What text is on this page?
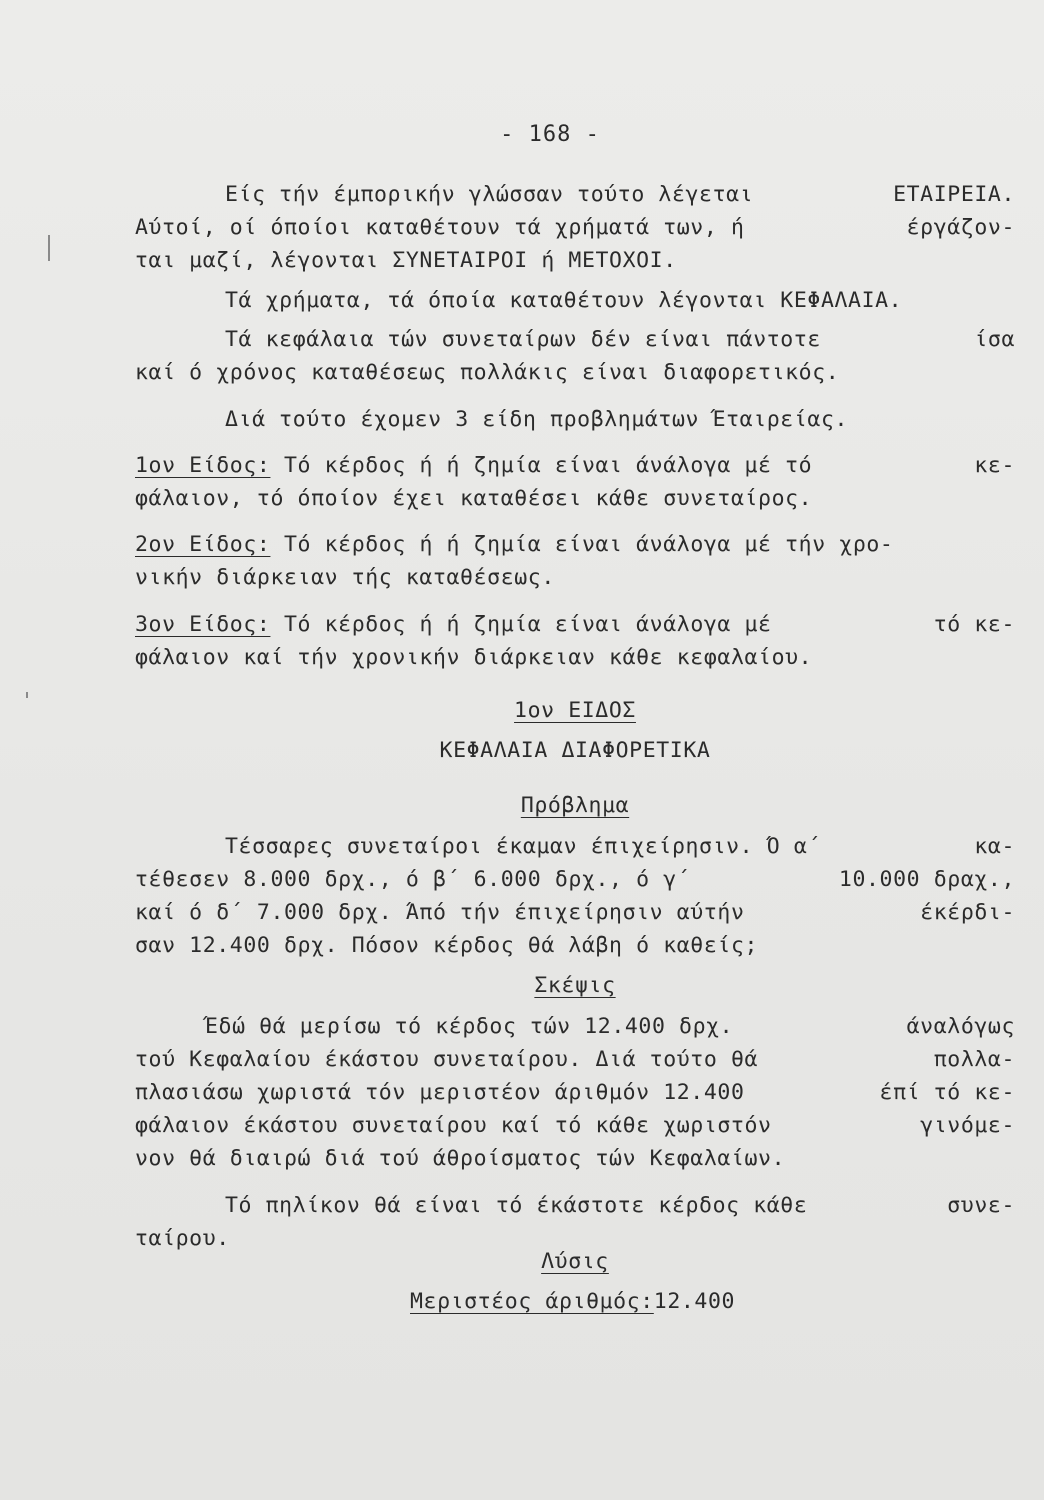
- 168 -
Είς τήν έμπορικήν γλώσσαν τούτο λέγεται	ΕΤΑΙΡΕΙΑ.
Αύτοί, οί όποίοι καταθέτουν τά χρήματά των, ή	έργάζον-
ται μαζί, λέγονται ΣΥΝΕΤΑΙΡΟΙ ή ΜΕΤΟΧΟΙ.
Τά χρήματα, τά όποία καταθέτουν λέγονται ΚΕΦΑΛΑΙΑ.
Τά κεφάλαια τών συνεταίρων δέν είναι πάντοτε	ίσα
καί ό χρόνος καταθέσεως πολλάκις είναι διαφορετικός.
Διά τούτο έχομεν 3 είδη προβλημάτων Έταιρείας.
1ον Είδος: Τό κέρδος ή ή ζημία είναι άνάλογα μέ τό	κε-
φάλαιον, τό όποίον έχει καταθέσει κάθε συνεταίρος.
2ον Είδος: Τό κέρδος ή ή ζημία είναι άνάλογα μέ τήν χρο-
νικήν διάρκειαν τής καταθέσεως.
3ον Είδος: Τό κέρδος ή ή ζημία είναι άνάλογα μέ	τό κε-
φάλαιον καί τήν χρονικήν διάρκειαν κάθε κεφαλαίου.
1ον ΕΙΔΟΣ
ΚΕΦΑΛΑΙΑ ΔΙΑΦΟΡΕΤΙΚΑ
Πρόβλημα
Τέσσαρες συνεταίροι έκαμαν έπιχείρησιν. Ό α΄	κα-
τέθεσεν 8.000 δρχ., ό β΄ 6.000 δρχ., ό γ΄	10.000 δραχ.,
καί ό δ΄ 7.000 δρχ. Άπό τήν έπιχείρησιν αύτήν	έκέρδι-
σαν 12.400 δρχ. Πόσον κέρδος θά λάβη ό καθείς;
Σκέψις
Έδώ θά μερίσω τό κέρδος τών 12.400 δρχ.	άναλόγως
τού Κεφαλαίου έκάστου συνεταίρου. Διά τούτο θά	πολλα-
πλασιάσω χωριστά τόν μεριστέον άριθμόν 12.400	έπί τό κε-
φάλαιον έκάστου συνεταίρου καί τό κάθε χωριστόν	γινόμε-
νον θά διαιρώ διά τού άθροίσματος τών Κεφαλαίων.
Τό πηλίκον θά είναι τό έκάστοτε κέρδος κάθε	συνε-
ταίρου.
Λύσις
Μεριστέος άριθμός:12.400
